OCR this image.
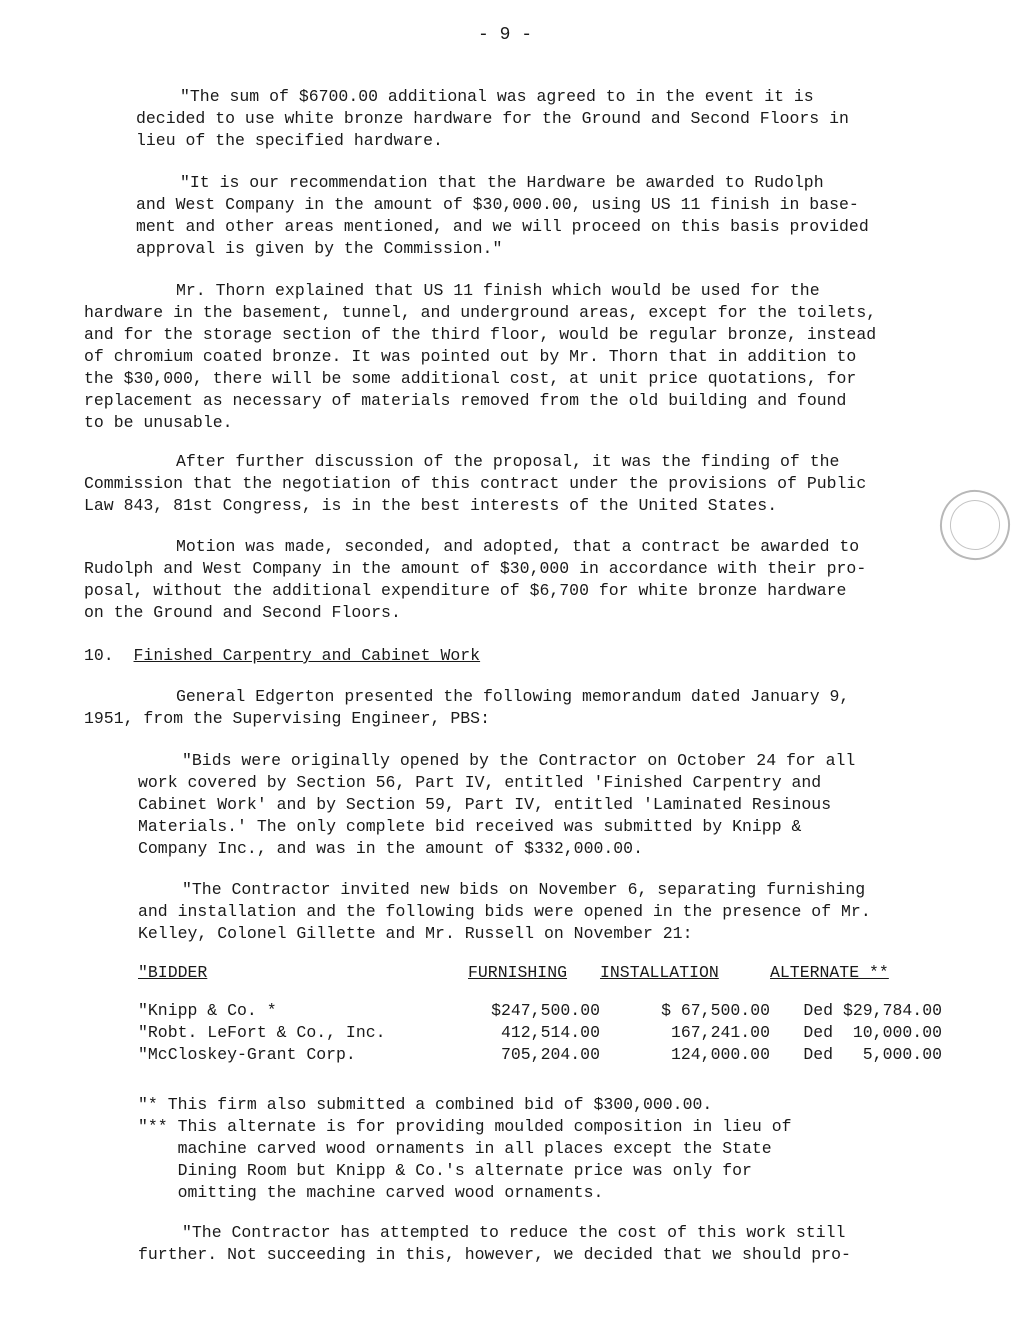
- 9 -
"The sum of $6700.00 additional was agreed to in the event it is
decided to use white bronze hardware for the Ground and Second Floors in
lieu of the specified hardware.
"It is our recommendation that the Hardware be awarded to Rudolph
and West Company in the amount of $30,000.00, using US 11 finish in base-
ment and other areas mentioned, and we will proceed on this basis provided
approval is given by the Commission."
Mr. Thorn explained that US 11 finish which would be used for the
hardware in the basement, tunnel, and underground areas, except for the toilets,
and for the storage section of the third floor, would be regular bronze, instead
of chromium coated bronze. It was pointed out by Mr. Thorn that in addition to
the $30,000, there will be some additional cost, at unit price quotations, for
replacement as necessary of materials removed from the old building and found
to be unusable.
After further discussion of the proposal, it was the finding of the
Commission that the negotiation of this contract under the provisions of Public
Law 843, 81st Congress, is in the best interests of the United States.
Motion was made, seconded, and adopted, that a contract be awarded to
Rudolph and West Company in the amount of $30,000 in accordance with their pro-
posal, without the additional expenditure of $6,700 for white bronze hardware
on the Ground and Second Floors.
10. Finished Carpentry and Cabinet Work
General Edgerton presented the following memorandum dated January 9,
1951, from the Supervising Engineer, PBS:
"Bids were originally opened by the Contractor on October 24 for all
work covered by Section 56, Part IV, entitled 'Finished Carpentry and
Cabinet Work' and by Section 59, Part IV, entitled 'Laminated Resinous
Materials.' The only complete bid received was submitted by Knipp &
Company Inc., and was in the amount of $332,000.00.
"The Contractor invited new bids on November 6, separating furnishing
and installation and the following bids were opened in the presence of Mr.
Kelley, Colonel Gillette and Mr. Russell on November 21:
"BIDDER	FURNISHING	INSTALLATION	ALTERNATE **
"Knipp & Co. *	$247,500.00	$ 67,500.00	Ded $29,784.00
"Robt. LeFort & Co., Inc.	412,514.00	167,241.00	Ded  10,000.00
"McCloskey-Grant Corp.	705,204.00	124,000.00	Ded   5,000.00
"* This firm also submitted a combined bid of $300,000.00.
"** This alternate is for providing moulded composition in lieu of
machine carved wood ornaments in all places except the State
Dining Room but Knipp & Co.'s alternate price was only for
omitting the machine carved wood ornaments.
"The Contractor has attempted to reduce the cost of this work still
further. Not succeeding in this, however, we decided that we should pro-
